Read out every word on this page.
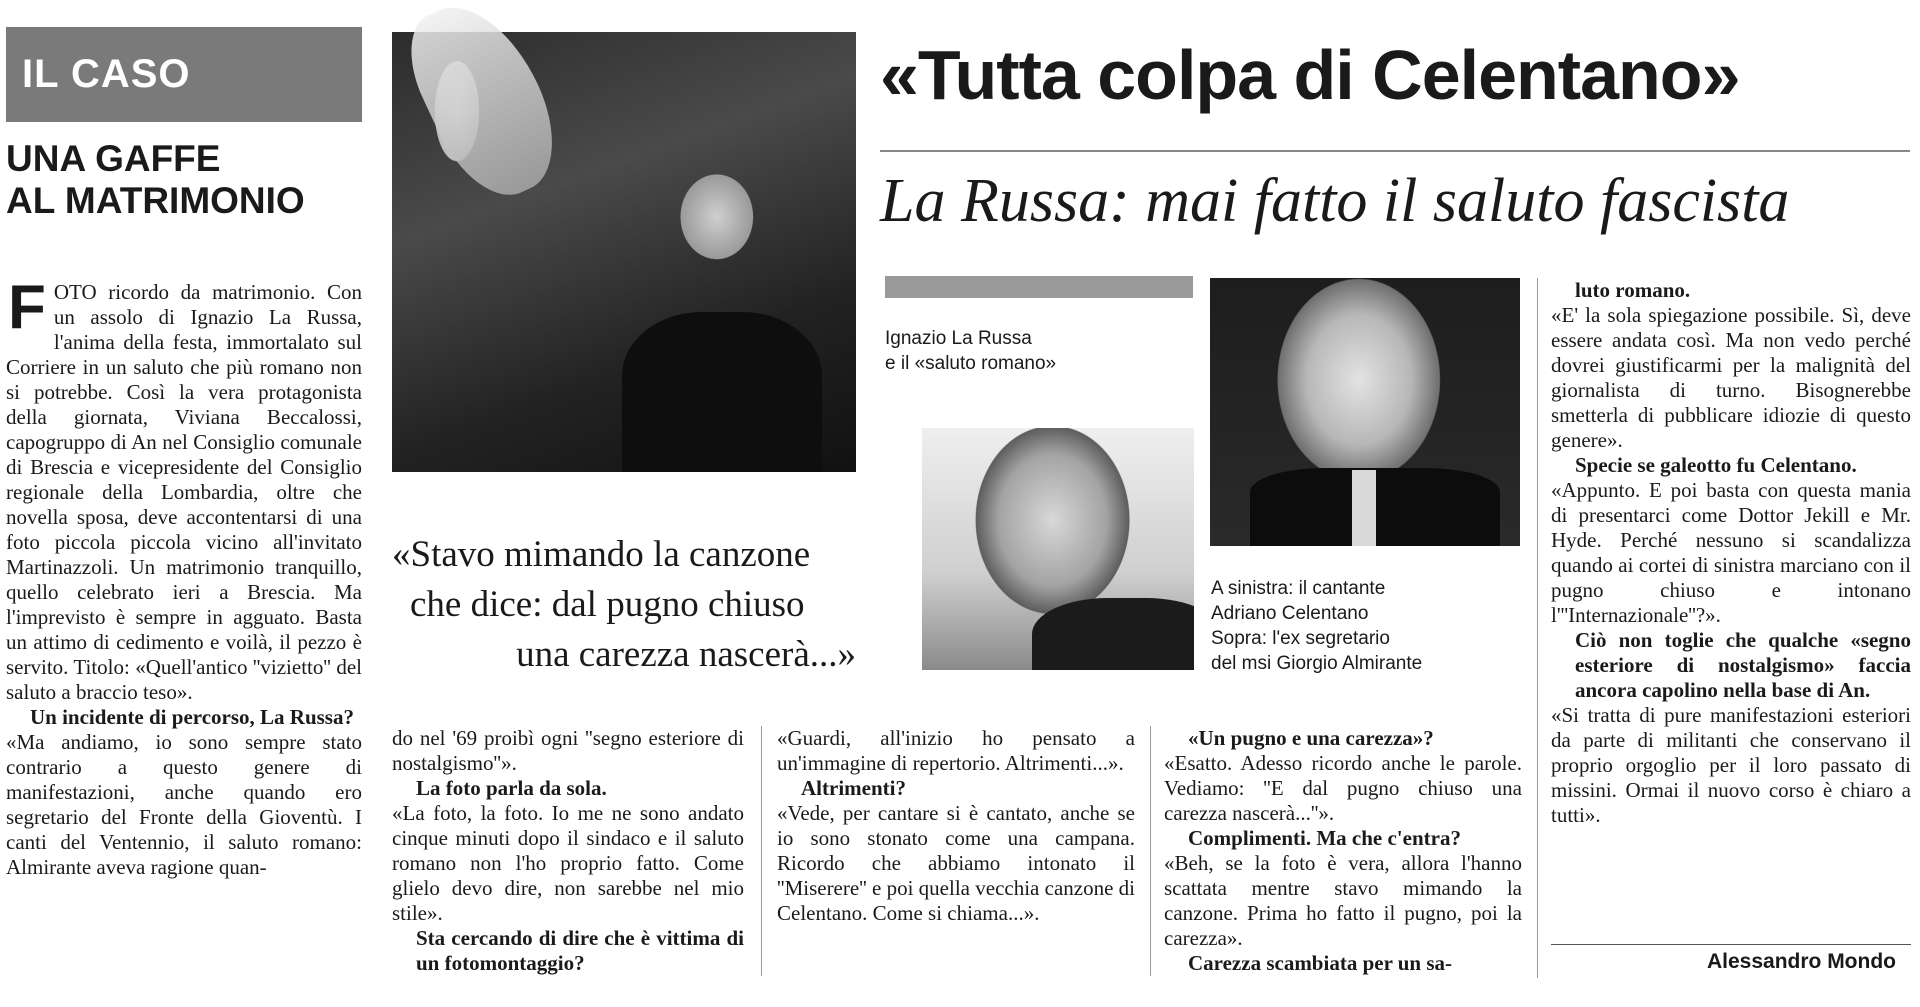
IL CASO
UNA GAFFE
AL MATRIMONIO

F OTO ricordo da matrimonio. Con un assolo di Ignazio La Russa, l'anima della festa, immortalato sul Corriere in un saluto che più romano non si potrebbe. Così la vera protagonista della giornata, Viviana Beccalossi, capogruppo di An nel Consiglio comunale di Brescia e vicepresidente del Consiglio regionale della Lombardia, oltre che novella sposa, deve accontentarsi di una foto piccola piccola vicino all'invitato Martinazzoli. Un matrimonio tranquillo, quello celebrato ieri a Brescia. Ma l'imprevisto è sempre in agguato. Basta un attimo di cedimento e voilà, il pezzo è servito. Titolo: «Quell'antico ''vizietto'' del saluto a braccio teso».

Un incidente di percorso, La Russa?

«Ma andiamo, io sono sempre stato contrario a questo genere di manifestazioni, anche quando ero segretario del Fronte della Gioventù. I canti del Ventennio, il saluto romano: Almirante aveva ragione quan-

«Stavo mimando la canzone
che dice: dal pugno chiuso
una carezza nascerà...»
«Tutta colpa di Celentano»
La Russa: mai fatto il saluto fascista
Ignazio La Russa
e il «saluto romano»
A sinistra: il cantante
Adriano Celentano
Sopra: l'ex segretario
del msi Giorgio Almirante

do nel '69 proibì ogni ''segno esteriore di nostalgismo''».

La foto parla da sola.

«La foto, la foto. Io me ne sono andato cinque minuti dopo il sindaco e il saluto romano non l'ho proprio fatto. Come glielo devo dire, non sarebbe nel mio stile».

Sta cercando di dire che è vittima di un fotomontaggio?

«Guardi, all'inizio ho pensato a un'immagine di repertorio. Altrimenti...».

Altrimenti?

«Vede, per cantare si è cantato, anche se io sono stonato come una campana. Ricordo che abbiamo intonato il ''Miserere'' e poi quella vecchia canzone di Celentano. Come si chiama...».

«Un pugno e una carezza»?

«Esatto. Adesso ricordo anche le parole. Vediamo: ''E dal pugno chiuso una carezza nascerà...''».

Complimenti. Ma che c'entra?

«Beh, se la foto è vera, allora l'hanno scattata mentre stavo mimando la canzone. Prima ho fatto il pugno, poi la carezza».

Carezza scambiata per un sa-

luto romano.

«E' la sola spiegazione possibile. Sì, deve essere andata così. Ma non vedo perché dovrei giustificarmi per la malignità del giornalista di turno. Bisognerebbe smetterla di pubblicare idiozie di questo genere».

Specie se galeotto fu Celentano.

«Appunto. E poi basta con questa mania di presentarci come Dottor Jekill e Mr. Hyde. Perché nessuno si scandalizza quando ai cortei di sinistra marciano con il pugno chiuso e intonano l'''Internazionale''?».

Ciò non toglie che qualche «segno esteriore di nostalgismo» faccia ancora capolino nella base di An.

«Si tratta di pure manifestazioni esteriori da parte di militanti che conservano il proprio orgoglio per il loro passato di missini. Ormai il nuovo corso è chiaro a tutti».

Alessandro Mondo
